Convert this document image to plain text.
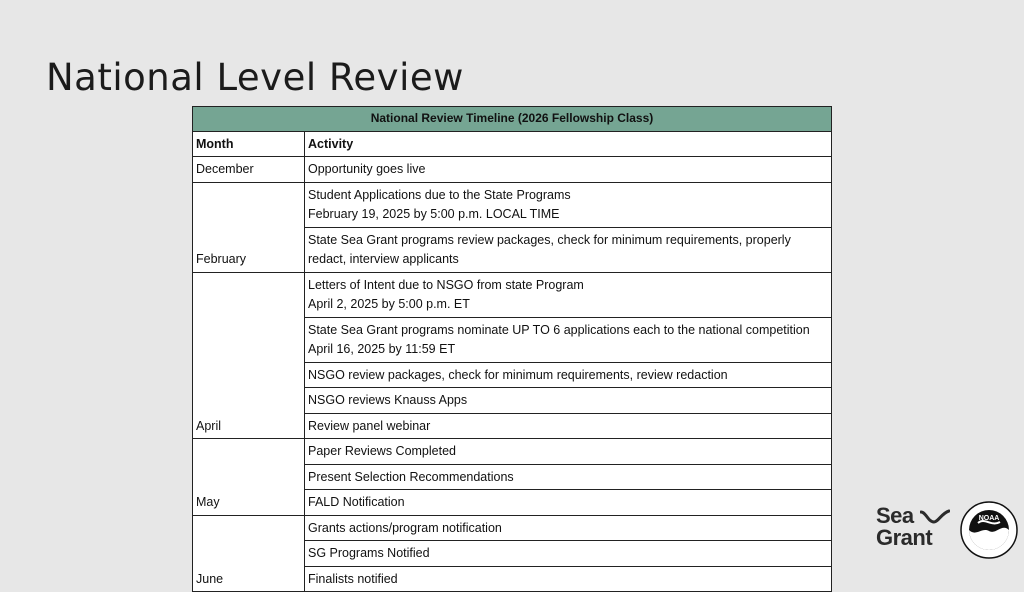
National Level Review
National Review Timeline (2026 Fellowship Class)	
Month	Activity
December	Opportunity goes live

February	Student Applications due to the State Programs
February 19, 2025 by 5:00 p.m. LOCAL TIME

	State Sea Grant programs review packages, check for minimum requirements, properly redact, interview applicants

April	Letters of Intent due to NSGO from state Program
April 2, 2025 by 5:00 p.m. ET

	State Sea Grant programs nominate UP TO 6 applications each to the national competition
April 16, 2025 by 11:59 ET

	NSGO review packages, check for minimum requirements, review redaction

	NSGO reviews Knauss Apps

	Review panel webinar

May	Paper Reviews Completed

	Present Selection Recommendations

	FALD Notification

June	Grants actions/program notification

	SG Programs Notified

	Finalists notified
Sea
Grant
NOAA
